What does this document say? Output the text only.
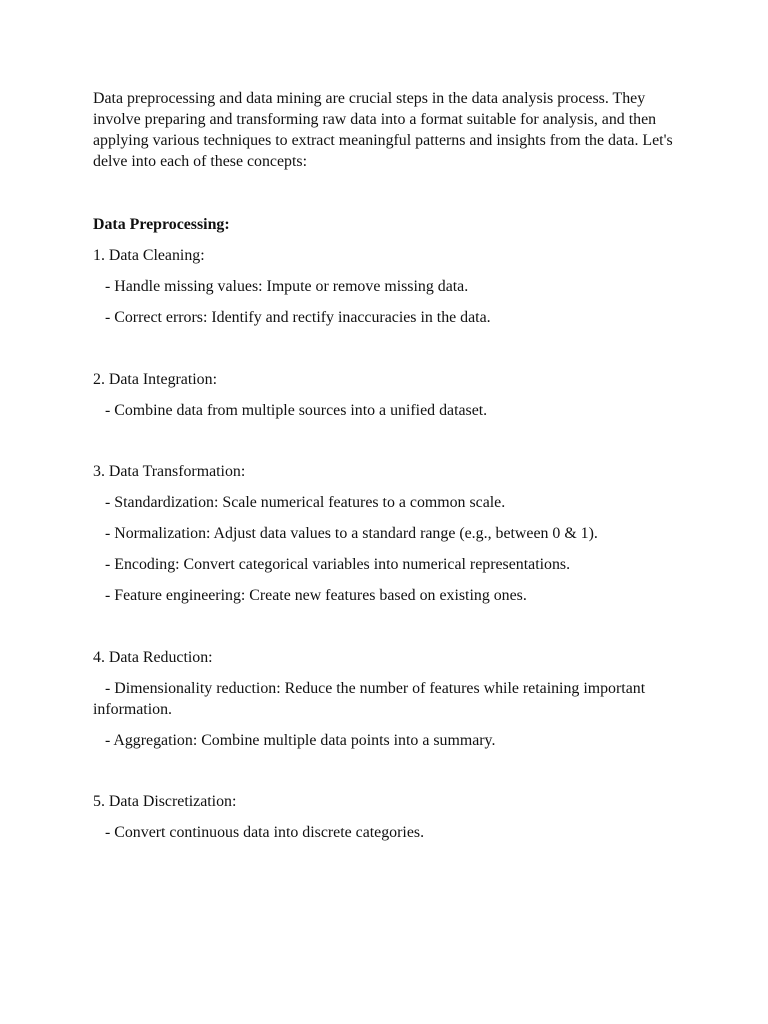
Data preprocessing and data mining are crucial steps in the data analysis process. They involve preparing and transforming raw data into a format suitable for analysis, and then applying various techniques to extract meaningful patterns and insights from the data. Let's delve into each of these concepts:

Data Preprocessing:

1. Data Cleaning:

- Handle missing values: Impute or remove missing data.

- Correct errors: Identify and rectify inaccuracies in the data.

2. Data Integration:

- Combine data from multiple sources into a unified dataset.

3. Data Transformation:

- Standardization: Scale numerical features to a common scale.

- Normalization: Adjust data values to a standard range (e.g., between 0 & 1).

- Encoding: Convert categorical variables into numerical representations.

- Feature engineering: Create new features based on existing ones.

4. Data Reduction:

- Dimensionality reduction: Reduce the number of features while retaining important information.

- Aggregation: Combine multiple data points into a summary.

5. Data Discretization:

- Convert continuous data into discrete categories.
